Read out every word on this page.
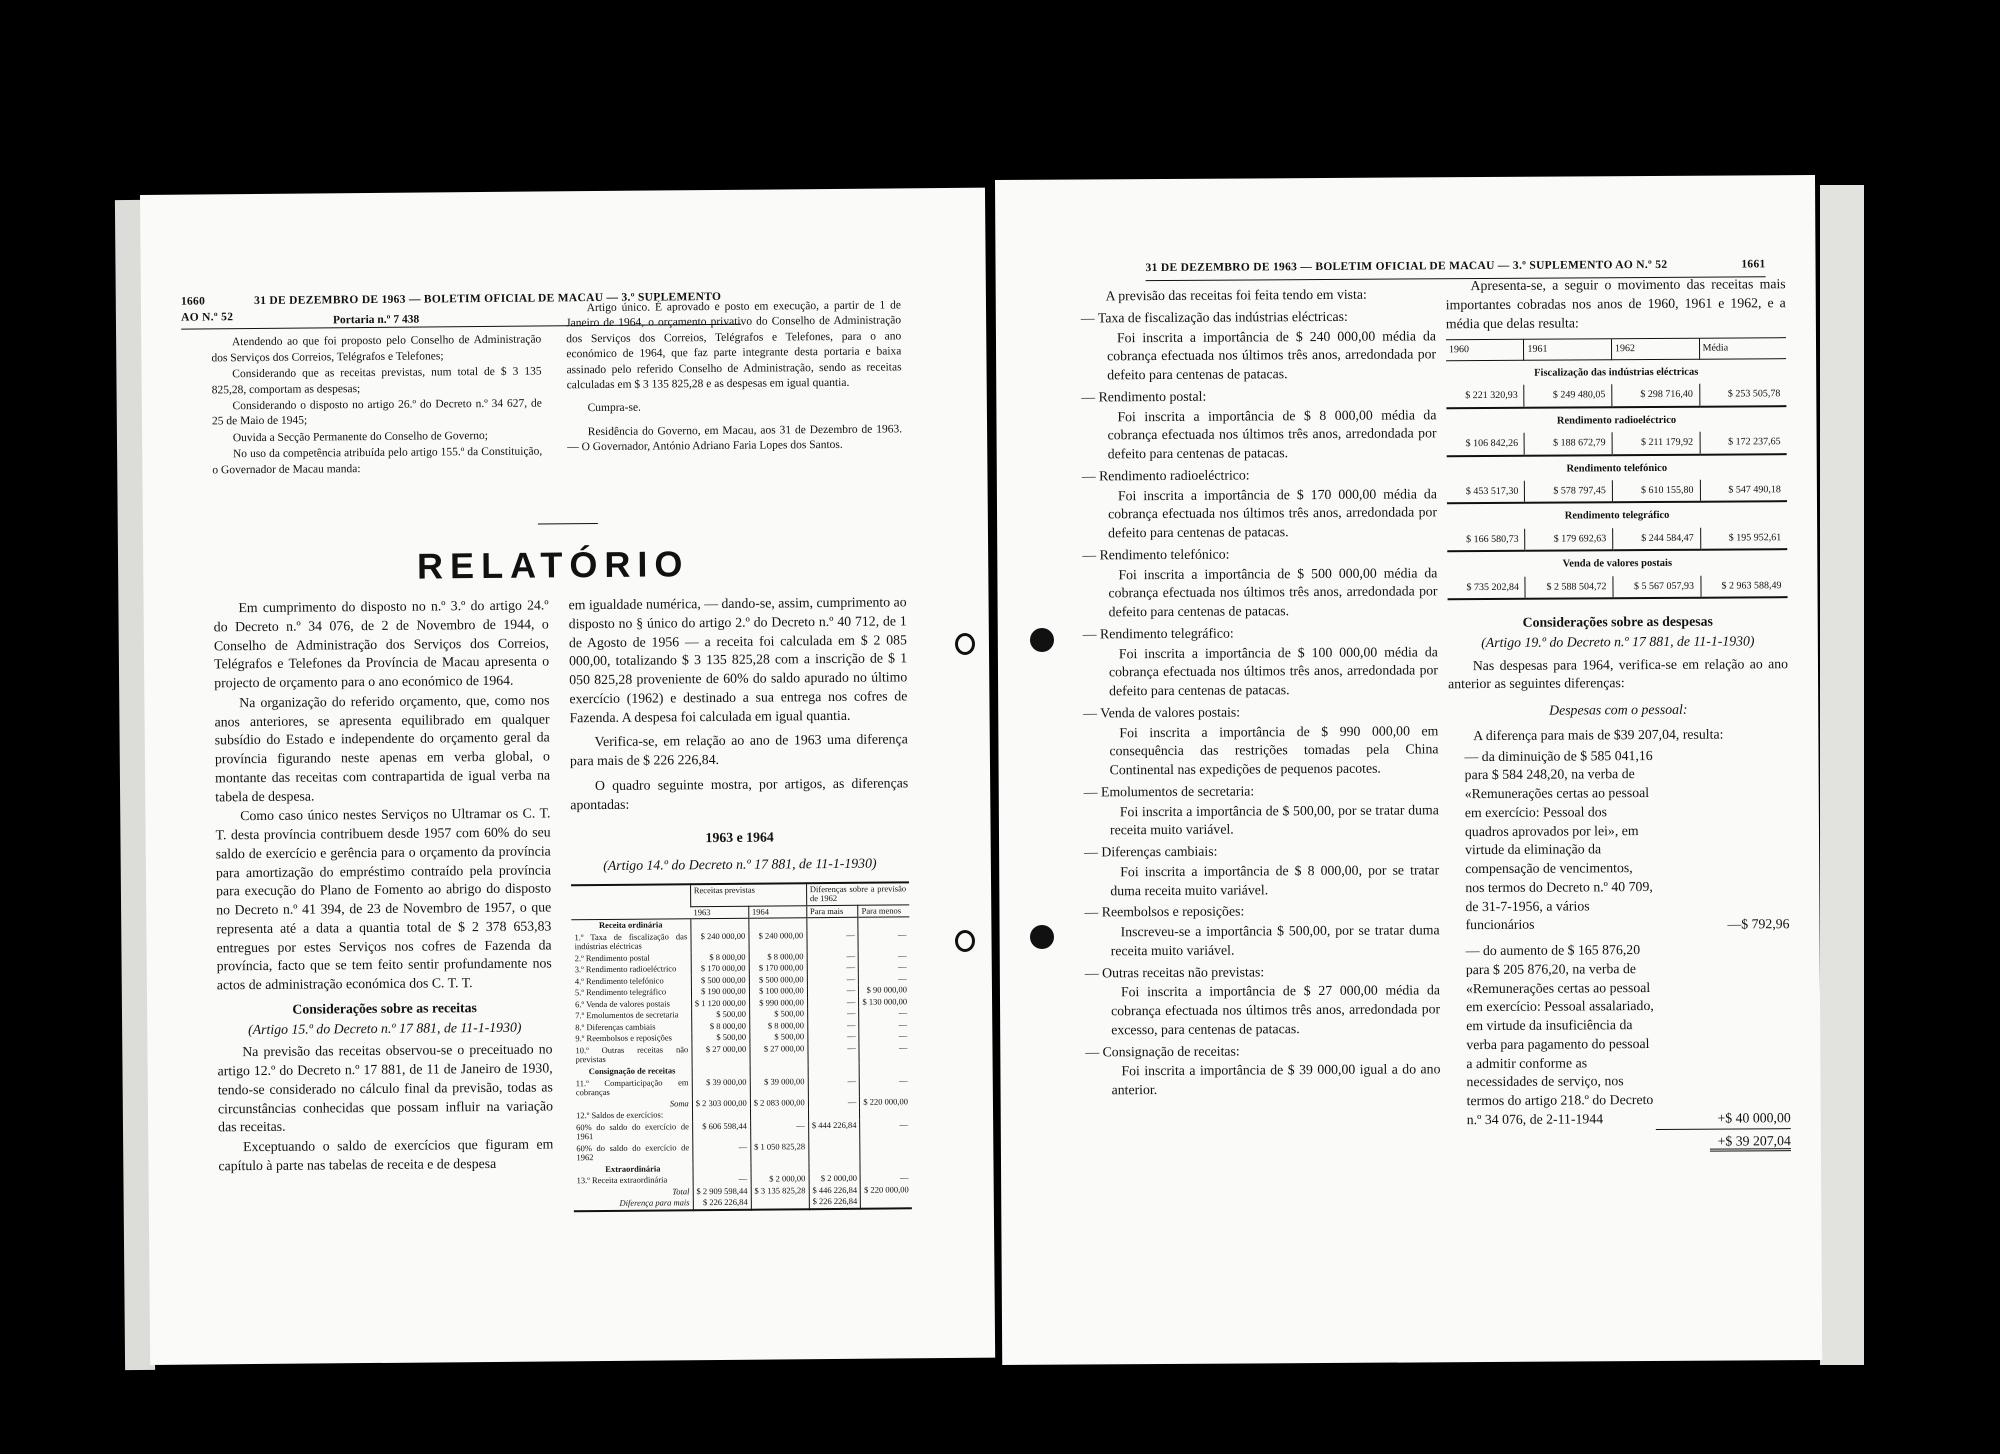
1660	31 DE DEZEMBRO DE 1963 — BOLETIM OFICIAL DE MACAU — 3.º SUPLEMENTO AO N.º 52	Portaria n.º 7 438

Atendendo ao que foi proposto pelo Conselho de Administração dos Serviços dos Correios, Telégrafos e Telefones;

Considerando que as receitas previstas, num total de $ 3 135 825,28, comportam as despesas;

Considerando o disposto no artigo 26.º do Decreto n.º 34 627, de 25 de Maio de 1945;

Ouvida a Secção Permanente do Conselho de Governo;

No uso da competência atribuída pelo artigo 155.º da Constituição, o Governador de Macau manda:

Artigo único. É aprovado e posto em execução, a partir de 1 de Janeiro de 1964, o orçamento privativo do Conselho de Administração dos Serviços dos Correios, Telégrafos e Telefones, para o ano económico de 1964, que faz parte integrante desta portaria e baixa assinado pelo referido Conselho de Administração, sendo as receitas calculadas em $ 3 135 825,28 e as despesas em igual quantia.

Cumpra-se.

Residência do Governo, em Macau, aos 31 de Dezembro de 1963. — O Governador, António Adriano Faria Lopes dos Santos.

RELATÓRIO

Em cumprimento do disposto no n.º 3.º do artigo 24.º do Decreto n.º 34 076, de 2 de Novembro de 1944, o Conselho de Administração dos Serviços dos Correios, Telégrafos e Telefones da Província de Macau apresenta o projecto de orçamento para o ano económico de 1964.

Na organização do referido orçamento, que, como nos anos anteriores, se apresenta equilibrado em qualquer subsídio do Estado e independente do orçamento geral da província figurando neste apenas em verba global, o montante das receitas com contrapartida de igual verba na tabela de despesa.

Como caso único nestes Serviços no Ultramar os C. T. T. desta província contribuem desde 1957 com 60% do seu saldo de exercício e gerência para o orçamento da província para amortização do empréstimo contraído pela província para execução do Plano de Fomento ao abrigo do disposto no Decreto n.º 41 394, de 23 de Novembro de 1957, o que representa até a data a quantia total de $ 2 378 653,83 entregues por estes Serviços nos cofres de Fazenda da província, facto que se tem feito sentir profundamente nos actos de administração económica dos C. T. T.

Considerações sobre as receitas

(Artigo 15.º do Decreto n.º 17 881, de 11-1-1930)

Na previsão das receitas observou-se o preceituado no artigo 12.º do Decreto n.º 17 881, de 11 de Janeiro de 1930, tendo-se considerado no cálculo final da previsão, todas as circunstâncias conhecidas que possam influir na variação das receitas.

Exceptuando o saldo de exercícios que figuram em capítulo à parte nas tabelas de receita e de despesa

em igualdade numérica, — dando-se, assim, cumprimento ao disposto no § único do artigo 2.º do Decreto n.º 40 712, de 1 de Agosto de 1956 — a receita foi calculada em $ 2 085 000,00, totalizando $ 3 135 825,28 com a inscrição de $ 1 050 825,28 proveniente de 60% do saldo apurado no último exercício (1962) e destinado a sua entrega nos cofres de Fazenda. A despesa foi calculada em igual quantia.

Verifica-se, em relação ao ano de 1963 uma diferença para mais de $ 226 226,84.

O quadro seguinte mostra, por artigos, as diferenças apontadas:

1963 e 1964

(Artigo 14.º do Decreto n.º 17 881, de 11-1-1930)

	Receitas previstas		Diferenças sobre a previsão de 1962	
	1963	1964	Para mais	Para menos
Receita ordinária				
1.º Taxa de fiscalização das indústrias eléctricas	$ 240 000,00	$ 240 000,00	—	—
2.º Rendimento postal	$ 8 000,00	$ 8 000,00	—	—
3.º Rendimento radioeléctrico	$ 170 000,00	$ 170 000,00	—	—
4.º Rendimento telefónico	$ 500 000,00	$ 500 000,00	—	—
5.º Rendimento telegráfico	$ 190 000,00	$ 100 000,00	—	$ 90 000,00
6.º Venda de valores postais	$ 1 120 000,00	$ 990 000,00	—	$ 130 000,00
7.º Emolumentos de secretaria	$ 500,00	$ 500,00	—	—
8.º Diferenças cambiais	$ 8 000,00	$ 8 000,00	—	—
9.º Reembolsos e reposições	$ 500,00	$ 500,00	—	—
10.º Outras receitas não previstas	$ 27 000,00	$ 27 000,00	—	—
Consignação de receitas				
11.º Comparticipação em cobranças	$ 39 000,00	$ 39 000,00	—	—
Soma	$ 2 303 000,00	$ 2 083 000,00	—	$ 220 000,00
12.º Saldos de exercícios:				
60% do saldo do exercício de 1961	$ 606 598,44	—	$ 444 226,84	—
60% do saldo do exercício de 1962	—	$ 1 050 825,28		
Extraordinária				
13.º Receita extraordinária	—	$ 2 000,00	$ 2 000,00	—
Total	$ 2 909 598,44	$ 3 135 825,28	$ 446 226,84	$ 220 000,00
Diferença para mais	$ 226 226,84		$ 226 226,84	
31 DE DEZEMBRO DE 1963 — BOLETIM OFICIAL DE MACAU — 3.º SUPLEMENTO AO N.º 52	1661

A previsão das receitas foi feita tendo em vista:

— Taxa de fiscalização das indústrias eléctricas:

Foi inscrita a importância de $ 240 000,00 média da cobrança efectuada nos últimos três anos, arredondada por defeito para centenas de patacas.

— Rendimento postal:

Foi inscrita a importância de $ 8 000,00 média da cobrança efectuada nos últimos três anos, arredondada por defeito para centenas de patacas.

— Rendimento radioeléctrico:

Foi inscrita a importância de $ 170 000,00 média da cobrança efectuada nos últimos três anos, arredondada por defeito para centenas de patacas.

— Rendimento telefónico:

Foi inscrita a importância de $ 500 000,00 média da cobrança efectuada nos últimos três anos, arredondada por defeito para centenas de patacas.

— Rendimento telegráfico:

Foi inscrita a importância de $ 100 000,00 média da cobrança efectuada nos últimos três anos, arredondada por defeito para centenas de patacas.

— Venda de valores postais:

Foi inscrita a importância de $ 990 000,00 em consequência das restrições tomadas pela China Continental nas expedições de pequenos pacotes.

— Emolumentos de secretaria:

Foi inscrita a importância de $ 500,00, por se tratar duma receita muito variável.

— Diferenças cambiais:

Foi inscrita a importância de $ 8 000,00, por se tratar duma receita muito variável.

— Reembolsos e reposições:

Inscreveu-se a importância $ 500,00, por se tratar duma receita muito variável.

— Outras receitas não previstas:

Foi inscrita a importância de $ 27 000,00 média da cobrança efectuada nos últimos três anos, arredondada por excesso, para centenas de patacas.

— Consignação de receitas:

Foi inscrita a importância de $ 39 000,00 igual a do ano anterior.

Apresenta-se, a seguir o movimento das receitas mais importantes cobradas nos anos de 1960, 1961 e 1962, e a média que delas resulta:

1960	1961	1962	Média
Fiscalização das indústrias eléctricas			
$ 221 320,93	$ 249 480,05	$ 298 716,40	$ 253 505,78
Rendimento radioeléctrico			
$ 106 842,26	$ 188 672,79	$ 211 179,92	$ 172 237,65
Rendimento telefónico			
$ 453 517,30	$ 578 797,45	$ 610 155,80	$ 547 490,18
Rendimento telegráfico			
$ 166 580,73	$ 179 692,63	$ 244 584,47	$ 195 952,61
Venda de valores postais			
$ 735 202,84	$ 2 588 504,72	$ 5 567 057,93	$ 2 963 588,49

Considerações sobre as despesas

(Artigo 19.º do Decreto n.º 17 881, de 11-1-1930)

Nas despesas para 1964, verifica-se em relação ao ano anterior as seguintes diferenças:

Despesas com o pessoal:

A diferença para mais de $39 207,04, resulta:

— da diminuição de $ 585 041,16 para $ 584 248,20, na verba de «Remunerações certas ao pessoal em exercício: Pessoal dos quadros aprovados por lei», em virtude da eliminação da compensação de vencimentos, nos termos do Decreto n.º 40 709, de 31-7-1956, a vários funcionários	—$ 792,96

— do aumento de $ 165 876,20 para $ 205 876,20, na verba de «Remunerações certas ao pessoal em exercício: Pessoal assalariado, em virtude da insuficiência da verba para pagamento do pessoal a admitir conforme as necessidades de serviço, nos termos do artigo 218.º do Decreto n.º 34 076, de 2-11-1944	+$ 40 000,00
+$ 39 207,04
